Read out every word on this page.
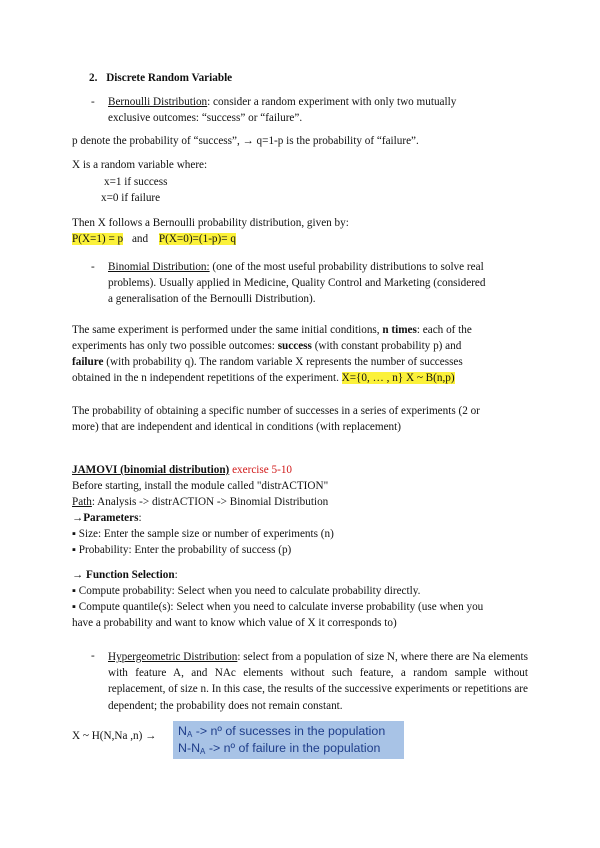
2. Discrete Random Variable
- Bernoulli Distribution: consider a random experiment with only two mutually
exclusive outcomes: “success” or “failure”.
p denote the probability of “success”, → q=1-p is the probability of “failure”.
X is a random variable where:
x=1 if success
x=0 if failure
Then X follows a Bernoulli probability distribution, given by:
P(X=1) = p and P(X=0)=(1-p)= q
- Binomial Distribution: (one of the most useful probability distributions to solve real
problems). Usually applied in Medicine, Quality Control and Marketing (considered
a generalisation of the Bernoulli Distribution).
The same experiment is performed under the same initial conditions, n times: each of the
experiments has only two possible outcomes: success (with constant probability p) and
failure (with probability q). The random variable X represents the number of successes
obtained in the n independent repetitions of the experiment. X={0, … , n} X ~ B(n,p)
The probability of obtaining a specific number of successes in a series of experiments (2 or
more) that are independent and identical in conditions (with replacement)
JAMOVI (binomial distribution) exercise 5-10
Before starting, install the module called "distrACTION"
Path: Analysis -> distrACTION -> Binomial Distribution
→Parameters:
▪ Size: Enter the sample size or number of experiments (n)
▪ Probability: Enter the probability of success (p)
→ Function Selection:
▪ Compute probability: Select when you need to calculate probability directly.
▪ Compute quantile(s): Select when you need to calculate inverse probability (use when you
have a probability and want to know which value of X it corresponds to)
- Hypergeometric Distribution: select from a population of size N, where there are Na elements with feature A, and NAc elements without such feature, a random sample without replacement, of size n. In this case, the results of the successive experiments or repetitions are dependent; the probability does not remain constant.
X ~ H(N,Na $,n) \to N_A$ -> nº of sucesses in the population
$N-N_A$ -> nº of failure in the population
